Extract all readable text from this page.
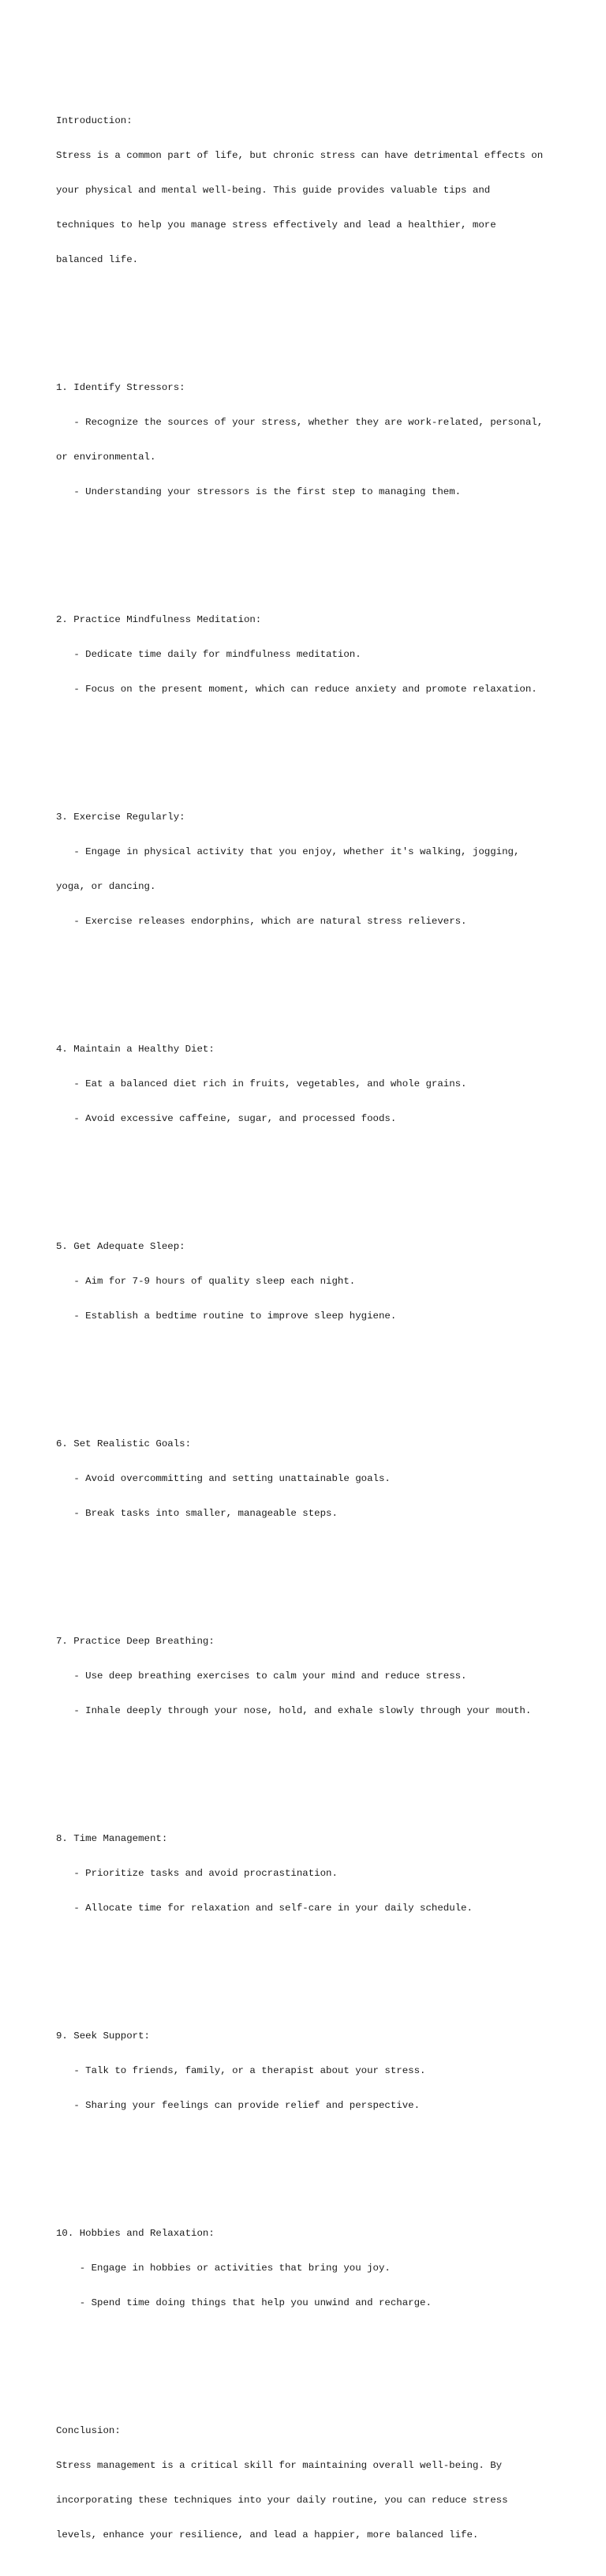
Introduction:

Stress is a common part of life, but chronic stress can have detrimental effects on

your physical and mental well-being. This guide provides valuable tips and

techniques to help you manage stress effectively and lead a healthier, more

balanced life.

1. Identify Stressors:

- Recognize the sources of your stress, whether they are work-related, personal,

or environmental.

- Understanding your stressors is the first step to managing them.

2. Practice Mindfulness Meditation:

- Dedicate time daily for mindfulness meditation.

- Focus on the present moment, which can reduce anxiety and promote relaxation.

3. Exercise Regularly:

- Engage in physical activity that you enjoy, whether it's walking, jogging,

yoga, or dancing.

- Exercise releases endorphins, which are natural stress relievers.

4. Maintain a Healthy Diet:

- Eat a balanced diet rich in fruits, vegetables, and whole grains.

- Avoid excessive caffeine, sugar, and processed foods.

5. Get Adequate Sleep:

- Aim for 7-9 hours of quality sleep each night.

- Establish a bedtime routine to improve sleep hygiene.

6. Set Realistic Goals:

- Avoid overcommitting and setting unattainable goals.

- Break tasks into smaller, manageable steps.

7. Practice Deep Breathing:

- Use deep breathing exercises to calm your mind and reduce stress.

- Inhale deeply through your nose, hold, and exhale slowly through your mouth.

8. Time Management:

- Prioritize tasks and avoid procrastination.

- Allocate time for relaxation and self-care in your daily schedule.

9. Seek Support:

- Talk to friends, family, or a therapist about your stress.

- Sharing your feelings can provide relief and perspective.

10. Hobbies and Relaxation:

- Engage in hobbies or activities that bring you joy.

- Spend time doing things that help you unwind and recharge.

Conclusion:

Stress management is a critical skill for maintaining overall well-being. By

incorporating these techniques into your daily routine, you can reduce stress

levels, enhance your resilience, and lead a happier, more balanced life.
